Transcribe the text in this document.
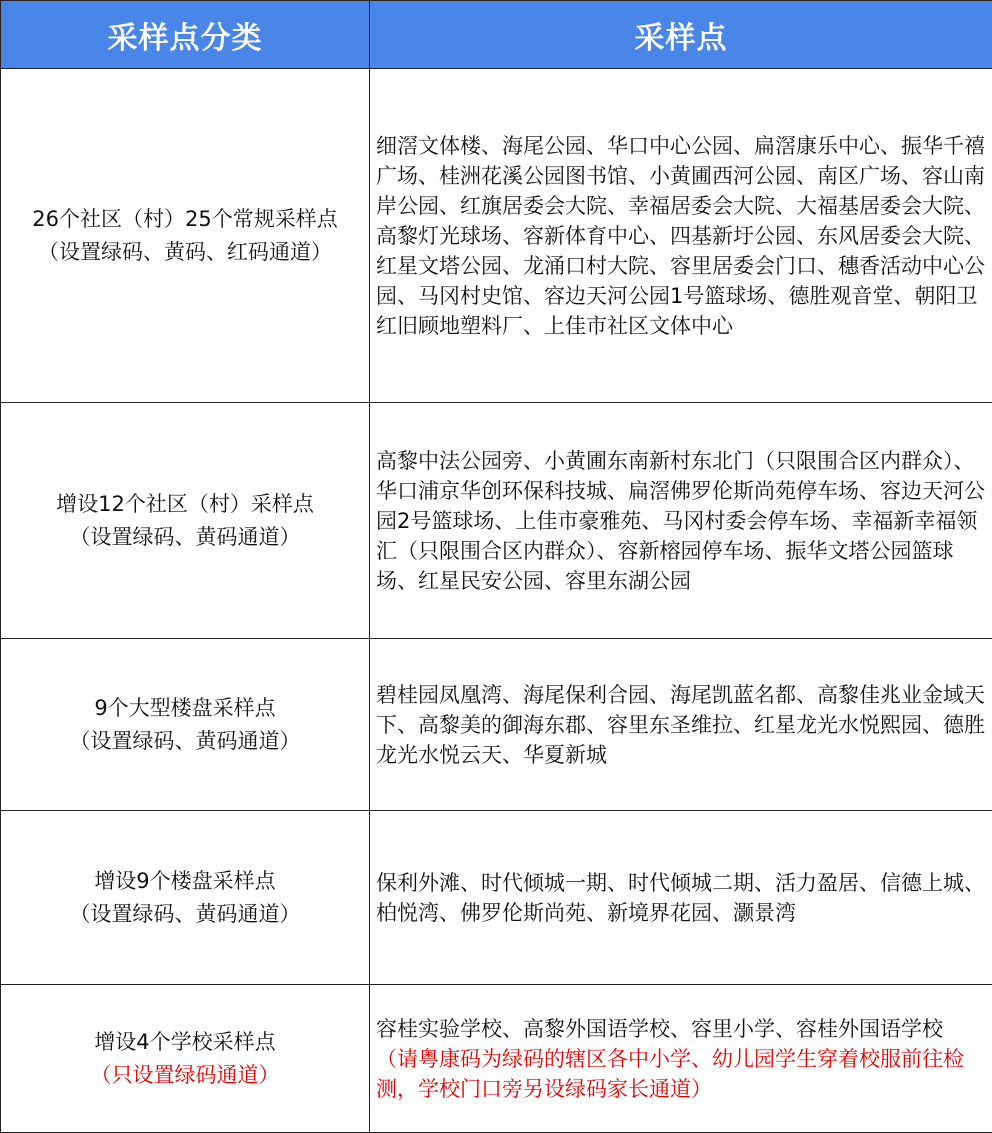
采样点分类	采样点

26个社区（村）25个常规采样点
（设置绿码、黄码、红码通道）	细滘文体楼、海尾公园、华口中心公园、扁滘康乐中心、振华千禧广场、桂洲花溪公园图书馆、小黄圃西河公园、南区广场、容山南岸公园、红旗居委会大院、幸福居委会大院、大福基居委会大院、高黎灯光球场、容新体育中心、四基新圩公园、东风居委会大院、红星文塔公园、龙涌口村大院、容里居委会门口、穗香活动中心公园、马冈村史馆、容边天河公园1号篮球场、德胜观音堂、朝阳卫红旧顾地塑料厂、上佳市社区文体中心

增设12个社区（村）采样点
（设置绿码、黄码通道）	高黎中法公园旁、小黄圃东南新村东北门（只限围合区内群众）、华口浦京华创环保科技城、扁滘佛罗伦斯尚苑停车场、容边天河公园2号篮球场、上佳市豪雅苑、马冈村委会停车场、幸福新幸福领汇（只限围合区内群众）、容新榕园停车场、振华文塔公园篮球场、红星民安公园、容里东湖公园

9个大型楼盘采样点
（设置绿码、黄码通道）	碧桂园凤凰湾、海尾保利合园、海尾凯蓝名都、高黎佳兆业金域天下、高黎美的御海东郡、容里东圣维拉、红星龙光水悦熙园、德胜龙光水悦云天、华夏新城

增设9个楼盘采样点
（设置绿码、黄码通道）	保利外滩、时代倾城一期、时代倾城二期、活力盈居、信德上城、柏悦湾、佛罗伦斯尚苑、新境界花园、灏景湾

增设4个学校采样点
（只设置绿码通道）	容桂实验学校、高黎外国语学校、容里小学、容桂外国语学校
（请粤康码为绿码的辖区各中小学、幼儿园学生穿着校服前往检测，学校门口旁另设绿码家长通道）
